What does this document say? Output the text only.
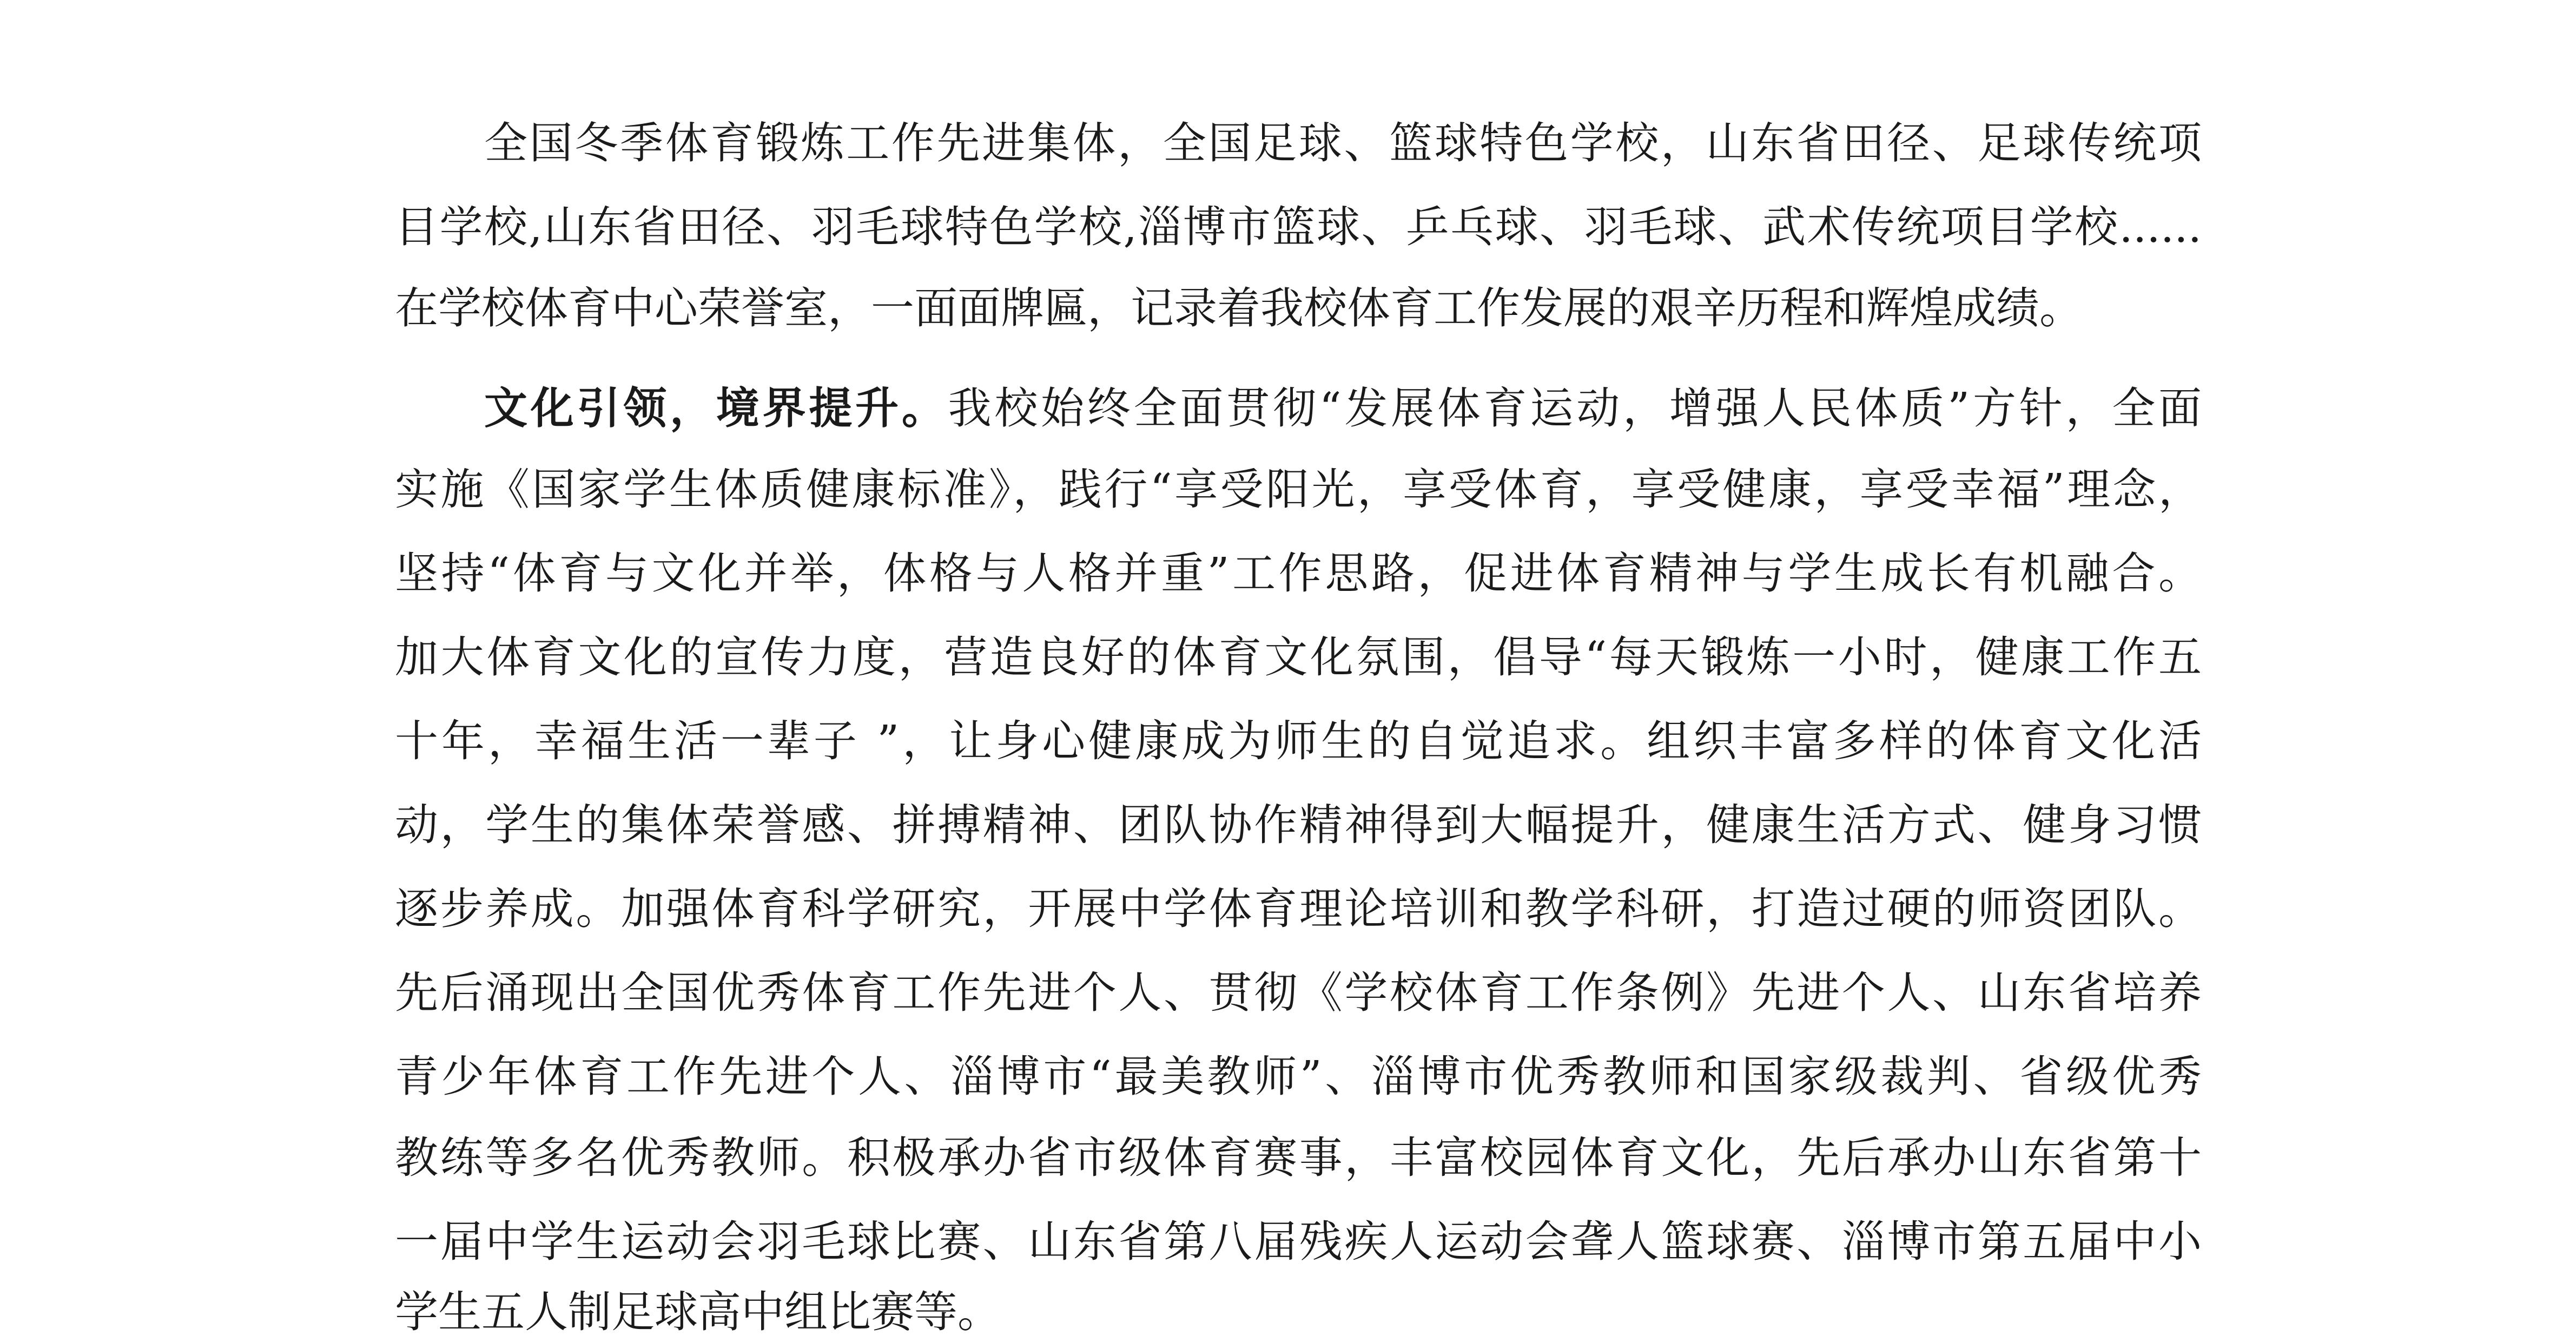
全国冬季体育锻炼工作先进集体，全国足球、篮球特色学校，山东省田径、足球传统项
目学校,山东省田径、羽毛球特色学校,淄博市篮球、乒乓球、羽毛球、武术传统项目学校......
在学校体育中心荣誉室，一面面牌匾，记录着我校体育工作发展的艰辛历程和辉煌成绩。
文化引领，境界提升。我校始终全面贯彻“发展体育运动，增强人民体质”方针，全面
实施《国家学生体质健康标准》，践行“享受阳光，享受体育，享受健康，享受幸福”理念，
坚持“体育与文化并举，体格与人格并重”工作思路，促进体育精神与学生成长有机融合。
加大体育文化的宣传力度，营造良好的体育文化氛围，倡导“每天锻炼一小时，健康工作五
十年，幸福生活一辈子 ”，让身心健康成为师生的自觉追求。组织丰富多样的体育文化活
动，学生的集体荣誉感、拼搏精神、团队协作精神得到大幅提升，健康生活方式、健身习惯
逐步养成。加强体育科学研究，开展中学体育理论培训和教学科研，打造过硬的师资团队。
先后涌现出全国优秀体育工作先进个人、贯彻《学校体育工作条例》先进个人、山东省培养
青少年体育工作先进个人、淄博市“最美教师”、淄博市优秀教师和国家级裁判、省级优秀
教练等多名优秀教师。积极承办省市级体育赛事，丰富校园体育文化，先后承办山东省第十
一届中学生运动会羽毛球比赛、山东省第八届残疾人运动会聋人篮球赛、淄博市第五届中小
学生五人制足球高中组比赛等。
